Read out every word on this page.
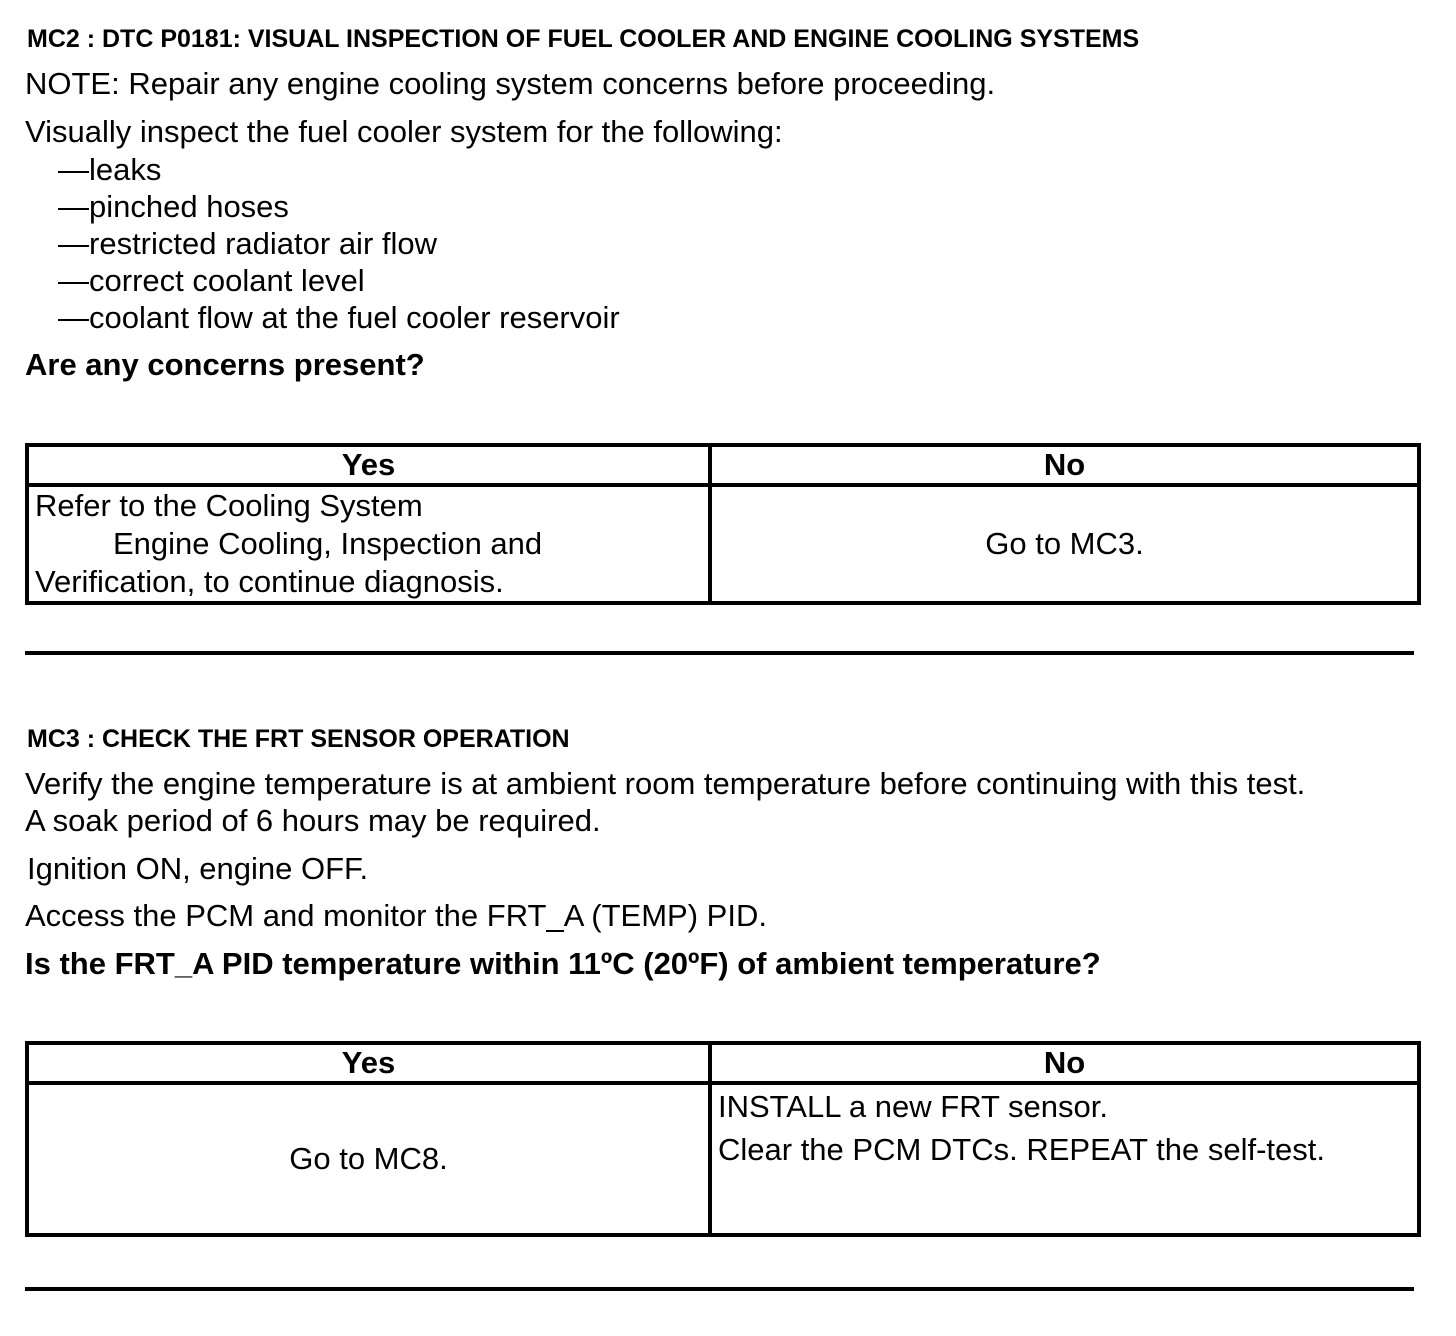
MC2 : DTC P0181: VISUAL INSPECTION OF FUEL COOLER AND ENGINE COOLING SYSTEMS
NOTE: Repair any engine cooling system concerns before proceeding.
Visually inspect the fuel cooler system for the following:
—leaks
—pinched hoses
—restricted radiator air flow
—correct coolant level
—coolant flow at the fuel cooler reservoir
Are any concerns present?
Yes	No

Refer to the Cooling System
Engine Cooling, Inspection and
Verification, to continue diagnosis.	Go to MC3.
MC3 : CHECK THE FRT SENSOR OPERATION
Verify the engine temperature is at ambient room temperature before continuing with this test.
A soak period of 6 hours may be required.
Ignition ON, engine OFF.
Access the PCM and monitor the FRT_A (TEMP) PID.
Is the FRT_A PID temperature within 11ºC (20ºF) of ambient temperature?
Yes	No
Go to MC8.	INSTALL a new FRT sensor.
Clear the PCM DTCs. REPEAT the self-test.
